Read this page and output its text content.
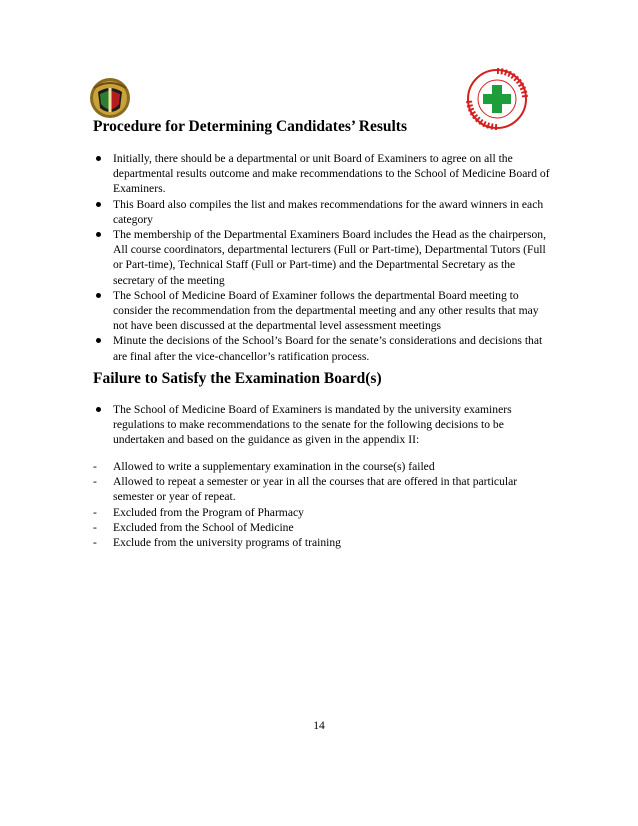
Procedure for Determining Candidates’ Results
Initially, there should be a departmental or unit Board of Examiners to agree on all the departmental results outcome and make recommendations to the School of Medicine Board of Examiners.
This Board also compiles the list and makes recommendations for the award winners in each category
The membership of the Departmental Examiners Board includes the Head as the chairperson, All course coordinators, departmental lecturers (Full or Part-time), Departmental Tutors (Full or Part-time), Technical Staff (Full or Part-time) and the Departmental Secretary as the secretary of the meeting
The School of Medicine Board of Examiner follows the departmental Board meeting to consider the recommendation from the departmental meeting and any other results that may not have been discussed at the departmental level assessment meetings
Minute the decisions of the School’s Board for the senate’s considerations and decisions that are final after the vice-chancellor’s ratification process.
Failure to Satisfy the Examination Board(s)
The School of Medicine Board of Examiners is mandated by the university examiners regulations to make recommendations to the senate for the following decisions to be undertaken and based on the guidance as given in the appendix II:
-	Allowed to write a supplementary examination in the course(s) failed
-	Allowed to repeat a semester or year in all the courses that are offered in that particular semester or year of repeat.
-	Excluded from the Program of Pharmacy
-	Excluded from the School of Medicine
-	Exclude from the university programs of training
14
